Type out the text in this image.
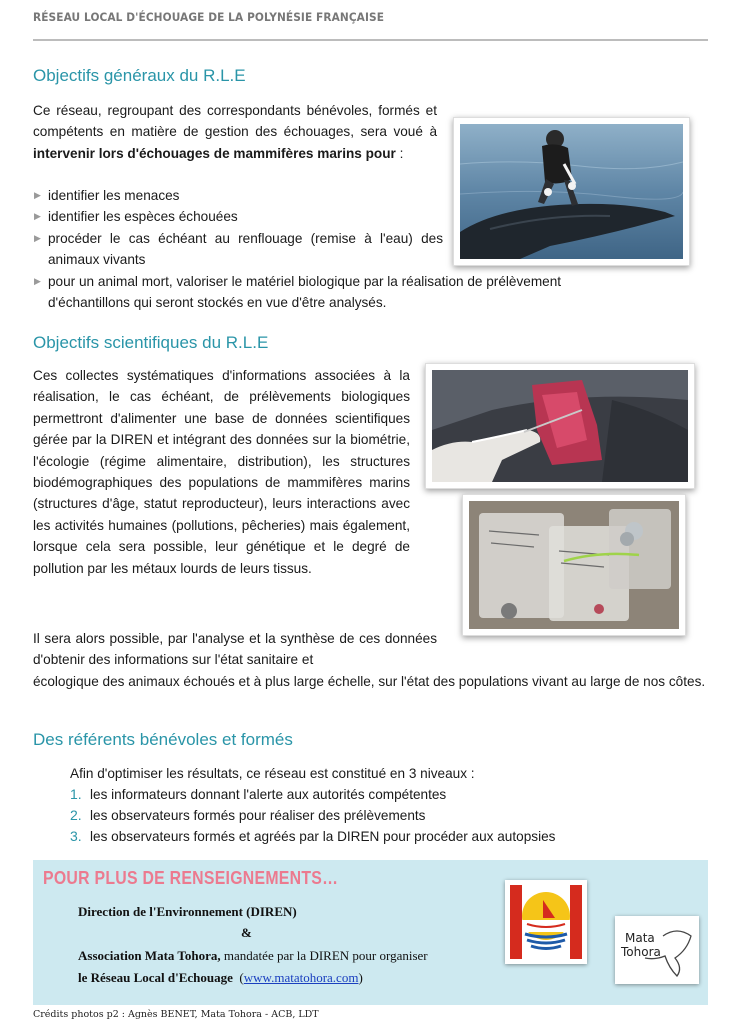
RÉSEAU LOCAL D'ÉCHOUAGE DE LA POLYNÉSIE FRANÇAISE
Objectifs généraux du R.L.E

Ce réseau, regroupant des correspondants bénévoles, formés et compétents en matière de gestion des échouages, sera voué à intervenir lors d'échouages de mammifères marins pour :

▶ identifier les menaces
▶ identifier les espèces échouées
▶ procéder le cas échéant au renflouage (remise à l'eau) des animaux vivants
▶ pour un animal mort, valoriser le matériel biologique par la réalisation de prélèvement d'échantillons qui seront stockés en vue d'être analysés.
Objectifs scientifiques du R.L.E

Ces collectes systématiques d'informations associées à la réalisation, le cas échéant, de prélèvements biologiques permettront d'alimenter une base de données scientifiques gérée par la DIREN et intégrant des données sur la biométrie, l'écologie (régime alimentaire, distribution), les structures biodémographiques des populations de mammifères marins (structures d'âge, statut reproducteur), leurs interactions avec les activités humaines (pollutions, pêcheries) mais également, lorsque cela sera possible, leur génétique et le degré de pollution par les métaux lourds de leurs tissus.

Il sera alors possible, par l'analyse et la synthèse de ces données d'obtenir des informations sur l'état sanitaire et

écologique des animaux échoués et à plus large échelle, sur l'état des populations vivant au large de nos côtes.

Des référents bénévoles et formés

Afin d'optimiser les résultats, ce réseau est constitué en 3 niveaux :

1. les informateurs donnant l'alerte aux autorités compétentes
2. les observateurs formés pour réaliser des prélèvements
3. les observateurs formés et agréés par la DIREN pour procéder aux autopsies
POUR PLUS DE RENSEIGNEMENTS…
Direction de l'Environnement (DIREN)
&
Association Mata Tohora, mandatée par la DIREN pour organiser
le Réseau Local d'Echouage  (www.matatohora.com)
Mata
Tohora
Crédits photos p2 : Agnès BENET, Mata Tohora - ACB, LDT
